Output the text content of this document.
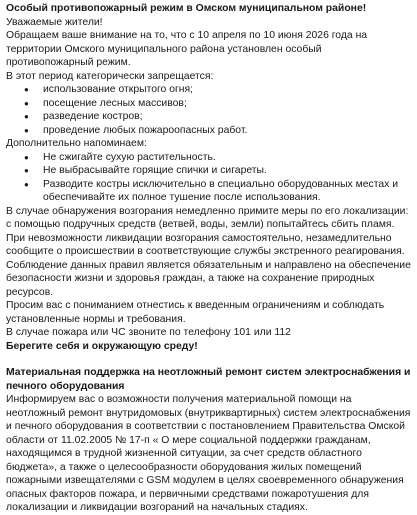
Особый противопожарный режим в Омском муниципальном районе!

Уважаемые жители!

Обращаем ваше внимание на то, что с 10 апреля по 10 июня 2026 года на территории Омского муниципального района установлен особый противопожарный режим.

В этот период категорически запрещается:

● использование открытого огня;
● посещение лесных массивов;
● разведение костров;
● проведение любых пожароопасных работ.

Дополнительно напоминаем:

● Не сжигайте сухую растительность.
● Не выбрасывайте горящие спички и сигареты.
● Разводите костры исключительно в специально оборудованных местах и обеспечивайте их полное тушение после использования.

В случае обнаружения возгорания немедленно примите меры по его локализации: с помощью подручных средств (ветвей, воды, земли) попытайтесь сбить пламя. При невозможности ликвидации возгорания самостоятельно, незамедлительно сообщите о происшествии в соответствующие службы экстренного реагирования. Соблюдение данных правил является обязательным и направлено на обеспечение безопасности жизни и здоровья граждан, а также на сохранение природных ресурсов.

Просим вас с пониманием отнестись к введенным ограничениям и соблюдать установленные нормы и требования.

В случае пожара или ЧС звоните по телефону 101 или 112

Берегите себя и окружающую среду!

Материальная поддержка на неотложный ремонт систем электроснабжения и печного оборудования

Информируем вас о возможности получения материальной помощи на неотложный ремонт внутридомовых (внутриквартирных) систем электроснабжения и печного оборудования в соответствии с постановлением Правительства Омской области от 11.02.2005 № 17-п « О мере социальной поддержки гражданам, находящимся в трудной жизненной ситуации, за счет средств областного бюджета», а также о целесообразности оборудования жилых помещений пожарными извещателями с GSM модулем в целях своевременного обнаружения опасных факторов пожара, и первичными средствами пожаротушения для локализации и ликвидации возгораний на начальных стадиях.
